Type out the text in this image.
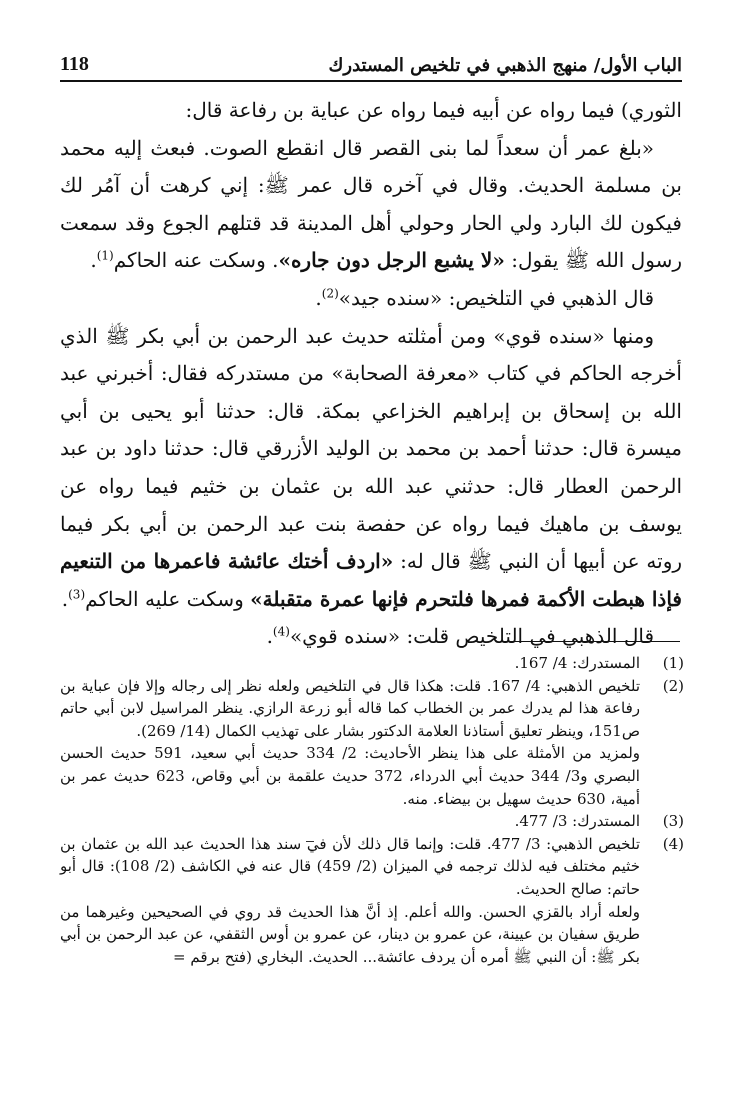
الباب الأول/ منهج الذهبي في تلخيص المستدرك
118

الثوري) فيما رواه عن أبيه فيما رواه عن عباية بن رفاعة قال:

«بلغ عمر أن سعداً لما بنى القصر قال انقطع الصوت. فبعث إليه محمد بن مسلمة الحديث. وقال في آخره قال عمر ﷺ: إني كرهت أن آمُر لك فيكون لك البارد ولي الحار وحولي أهل المدينة قد قتلهم الجوع وقد سمعت رسول الله ﷺ يقول: «لا يشبع الرجل دون جاره». وسكت عنه الحاكم$^{(1)}$.

قال الذهبي في التلخيص: «سنده جيد»$^{(2)}$.

ومنها «سنده قوي» ومن أمثلته حديث عبد الرحمن بن أبي بكر ﷺ الذي أخرجه الحاكم في كتاب «معرفة الصحابة» من مستدركه فقال: أخبرني عبد الله بن إسحاق بن إبراهيم الخزاعي بمكة. قال: حدثنا أبو يحيى بن أبي ميسرة قال: حدثنا أحمد بن محمد بن الوليد الأزرقي قال: حدثنا داود بن عبد الرحمن العطار قال: حدثني عبد الله بن عثمان بن خثيم فيما رواه عن يوسف بن ماهيك فيما رواه عن حفصة بنت عبد الرحمن بن أبي بكر فيما روته عن أبيها أن النبي ﷺ قال له: «اردف أختك عائشة فاعمرها من التنعيم فإذا هبطت الأكمة فمرها فلتحرم فإنها عمرة متقبلة» وسكت عليه الحاكم$^{(3)}$.

قال الذهبي في التلخيص قلت: «سنده قوي»$^{(4)}$.

(1)
المستدرك: 4/ 167.
(2)

تلخيص الذهبي: 4/ 167. قلت: هكذا قال في التلخيص ولعله نظر إلى رجاله وإلا فإن عباية بن رفاعة هذا لم يدرك عمر بن الخطاب كما قاله أبو زرعة الرازي. ينظر المراسيل لابن أبي حاتم ص151، وينظر تعليق أستاذنا العلامة الدكتور بشار على تهذيب الكمال (14/ 269).

ولمزيد من الأمثلة على هذا ينظر الأحاديث: 2/ 334 حديث أبي سعيد، 591 حديث الحسن البصري و3/ 344 حديث أبي الدرداء، 372 حديث علقمة بن أبي وقاص، 623 حديث عمر بن أمية، 630 حديث سهيل بن بيضاء. منه.

(3)
المستدرك: 3/ 477.
(4)

تلخيص الذهبي: 3/ 477. قلت: وإنما قال ذلك لأن في سند هذا الحديث عبد الله بن عثمان بن خثيم مختلف فيه لذلك ترجمه في الميزان (2/ 459) قال عنه في الكاشف (2/ 108): قال أبو حاتم: صالح الحديث.

ولعله أراد بالقزي الحسن. والله أعلم. إذ أنَّ هذا الحديث قد روي في الصحيحين وغيرهما من طريق سفيان بن عيينة، عن عمرو بن دينار، عن عمرو بن أوس الثقفي، عن عبد الرحمن بن أبي بكر ﷺ: أن النبي ﷺ أمره أن يردف عائشة... الحديث. البخاري (فتح برقم =
